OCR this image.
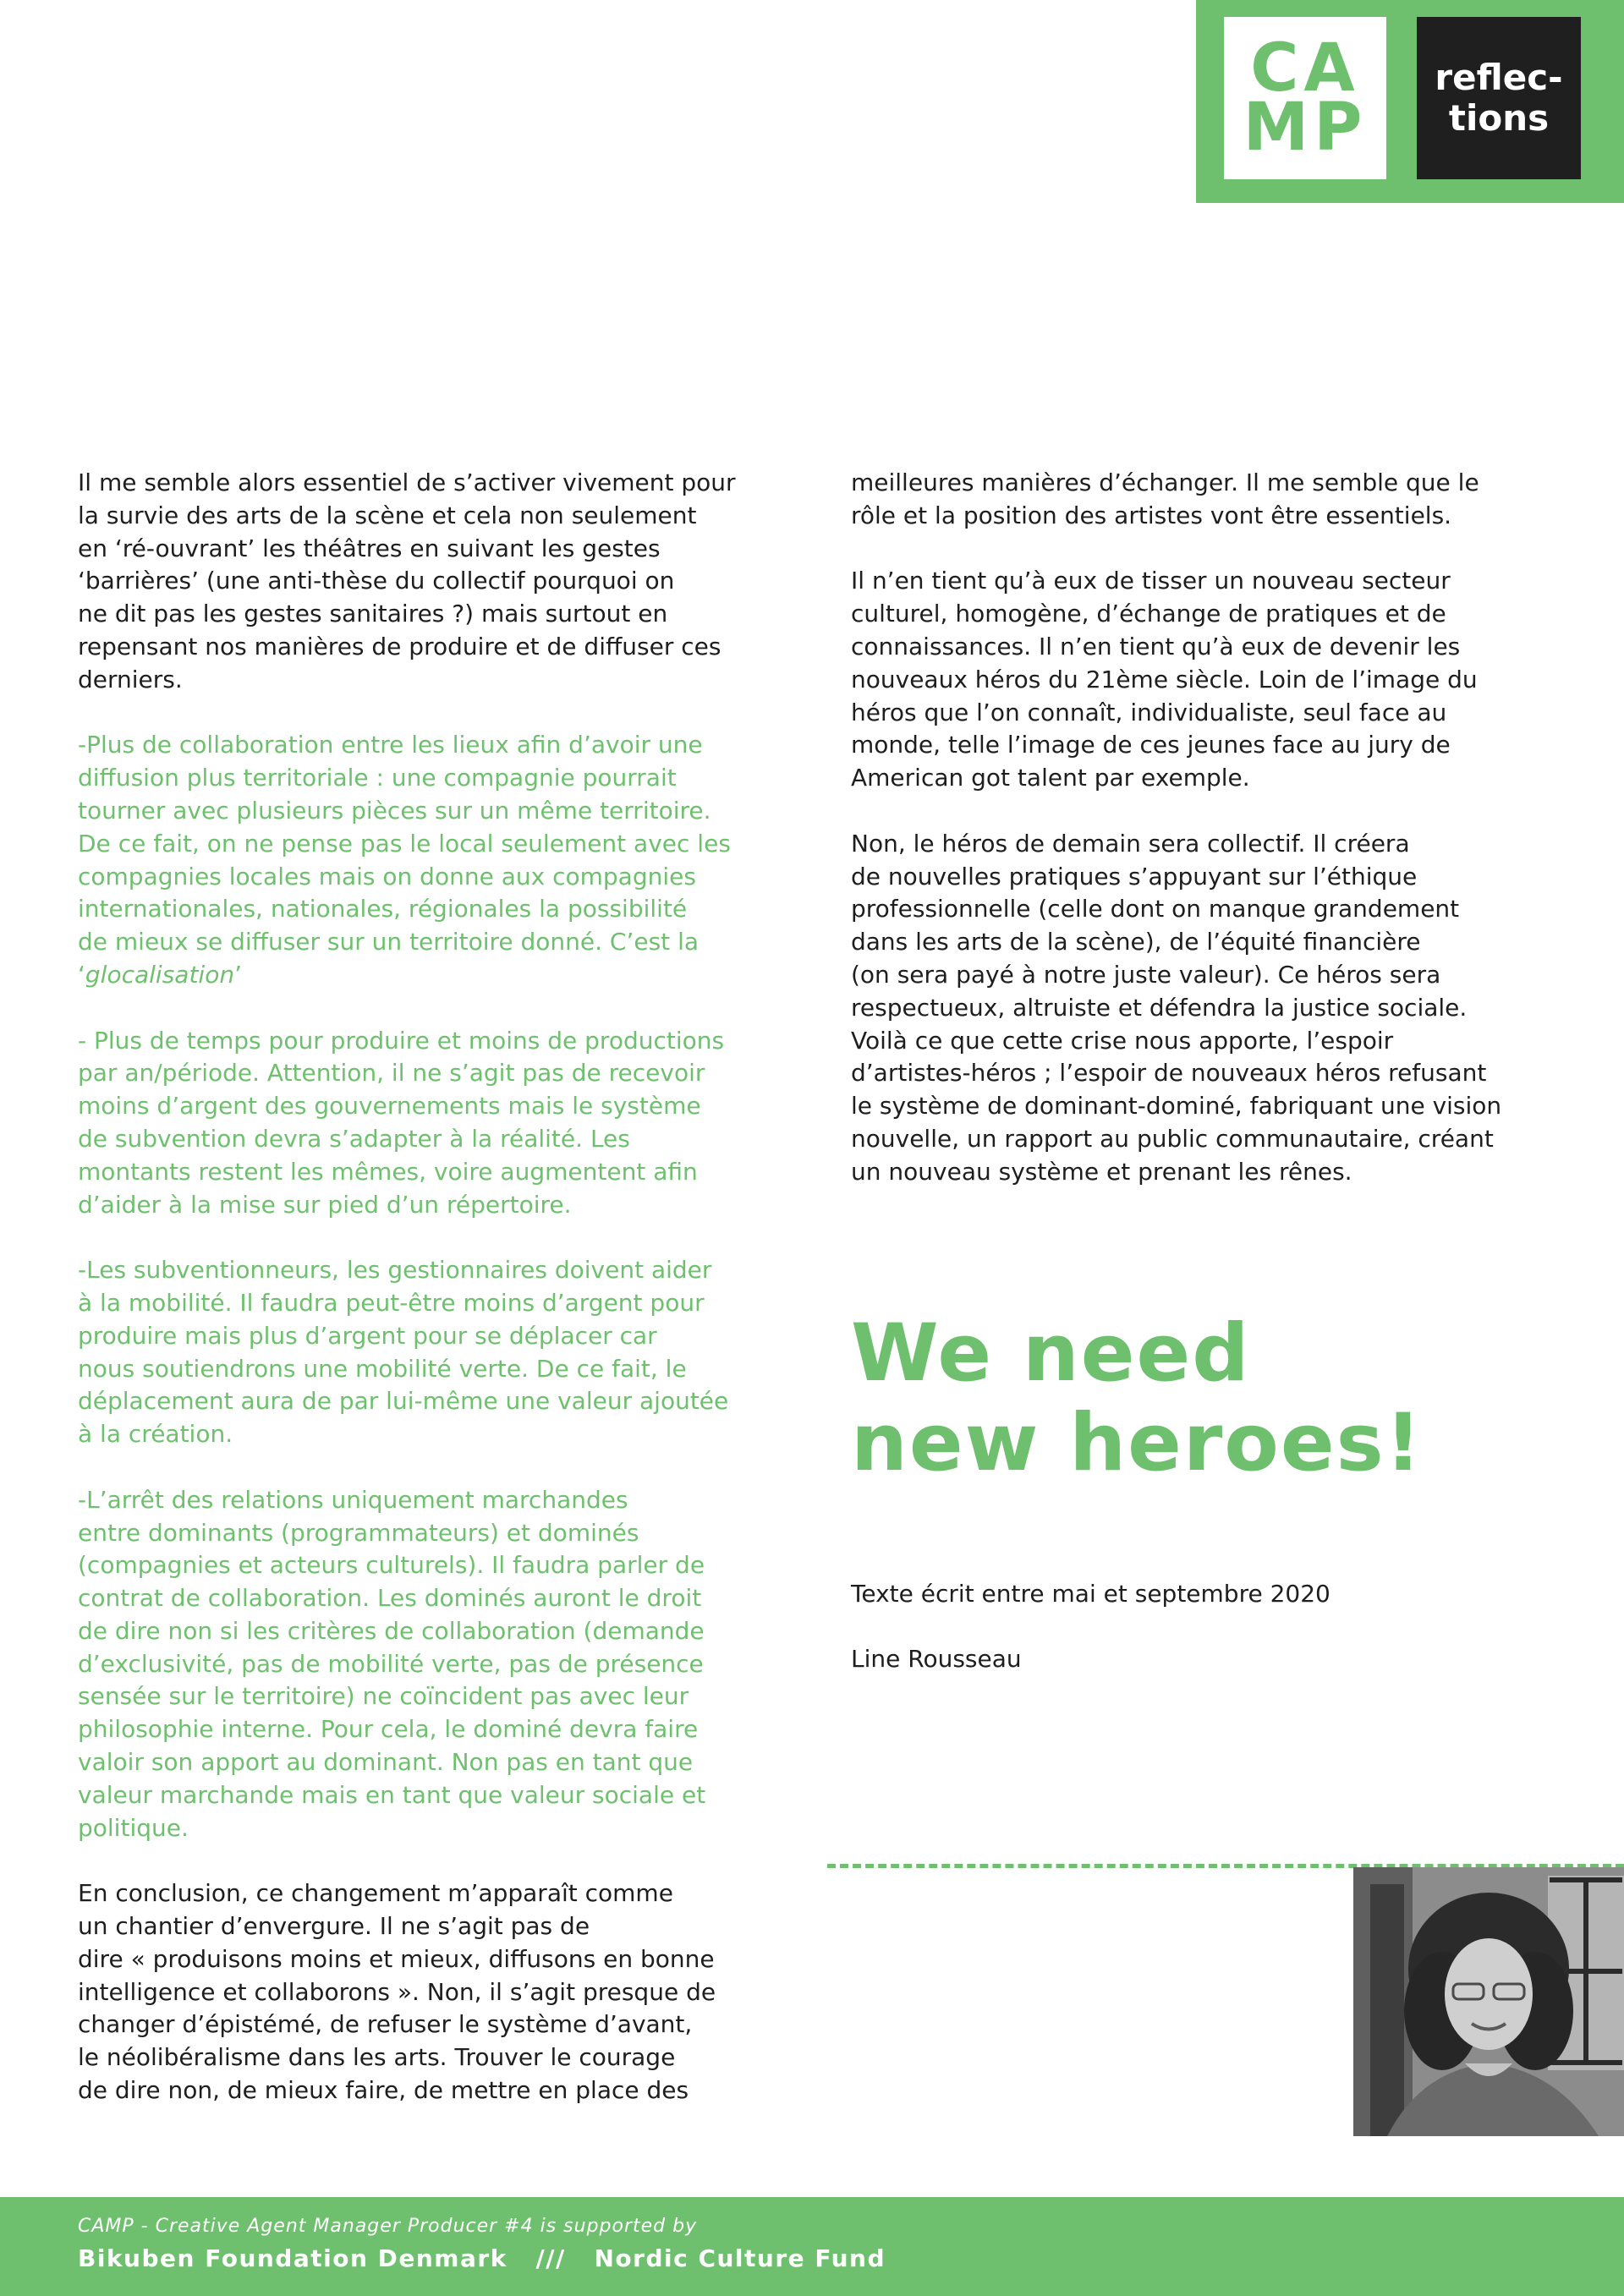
CA
MP
reflec-
tions

Il me semble alors essentiel de s’activer vivement pour
la survie des arts de la scène et cela non seulement
en ‘ré-ouvrant’ les théâtres en suivant les gestes
‘barrières’ (une anti-thèse du collectif pourquoi on
ne dit pas les gestes sanitaires ?) mais surtout en
repensant nos manières de produire et de diffuser ces
derniers.

-Plus de collaboration entre les lieux afin d’avoir une
diffusion plus territoriale : une compagnie pourrait
tourner avec plusieurs pièces sur un même territoire.
De ce fait, on ne pense pas le local seulement avec les
compagnies locales mais on donne aux compagnies
internationales, nationales, régionales la possibilité
de mieux se diffuser sur un territoire donné. C’est la
‘glocalisation’

- Plus de temps pour produire et moins de productions
par an/période. Attention, il ne s’agit pas de recevoir
moins d’argent des gouvernements mais le système
de subvention devra s’adapter à la réalité. Les
montants restent les mêmes, voire augmentent afin
d’aider à la mise sur pied d’un répertoire.

-Les subventionneurs, les gestionnaires doivent aider
à la mobilité. Il faudra peut-être moins d’argent pour
produire mais plus d’argent pour se déplacer car
nous soutiendrons une mobilité verte. De ce fait, le
déplacement aura de par lui-même une valeur ajoutée
à la création.

-L’arrêt des relations uniquement marchandes
entre dominants (programmateurs) et dominés
(compagnies et acteurs culturels). Il faudra parler de
contrat de collaboration. Les dominés auront le droit
de dire non si les critères de collaboration (demande
d’exclusivité, pas de mobilité verte, pas de présence
sensée sur le territoire) ne coïncident pas avec leur
philosophie interne. Pour cela, le dominé devra faire
valoir son apport au dominant. Non pas en tant que
valeur marchande mais en tant que valeur sociale et
politique.

En conclusion, ce changement m’apparaît comme
un chantier d’envergure. Il ne s’agit pas de
dire « produisons moins et mieux, diffusons en bonne
intelligence et collaborons ». Non, il s’agit presque de
changer d’épistémé, de refuser le système d’avant,
le néolibéralisme dans les arts. Trouver le courage
de dire non, de mieux faire, de mettre en place des

meilleures manières d’échanger. Il me semble que le
rôle et la position des artistes vont être essentiels.

Il n’en tient qu’à eux de tisser un nouveau secteur
culturel, homogène, d’échange de pratiques et de
connaissances. Il n’en tient qu’à eux de devenir les
nouveaux héros du 21ème siècle. Loin de l’image du
héros que l’on connaît, individualiste, seul face au
monde, telle l’image de ces jeunes face au jury de
American got talent par exemple.

Non, le héros de demain sera collectif. Il créera
de nouvelles pratiques s’appuyant sur l’éthique
professionnelle (celle dont on manque grandement
dans les arts de la scène), de l’équité financière
(on sera payé à notre juste valeur). Ce héros sera
respectueux, altruiste et défendra la justice sociale.
Voilà ce que cette crise nous apporte, l’espoir
d’artistes-héros ; l’espoir de nouveaux héros refusant
le système de dominant-dominé, fabriquant une vision
nouvelle, un rapport au public communautaire, créant
un nouveau système et prenant les rênes.

We need
new heroes!

Texte écrit entre mai et septembre 2020

Line Rousseau

CAMP - Creative Agent Manager Producer #4 is supported by
Bikuben Foundation Denmark   ///   Nordic Culture Fund
